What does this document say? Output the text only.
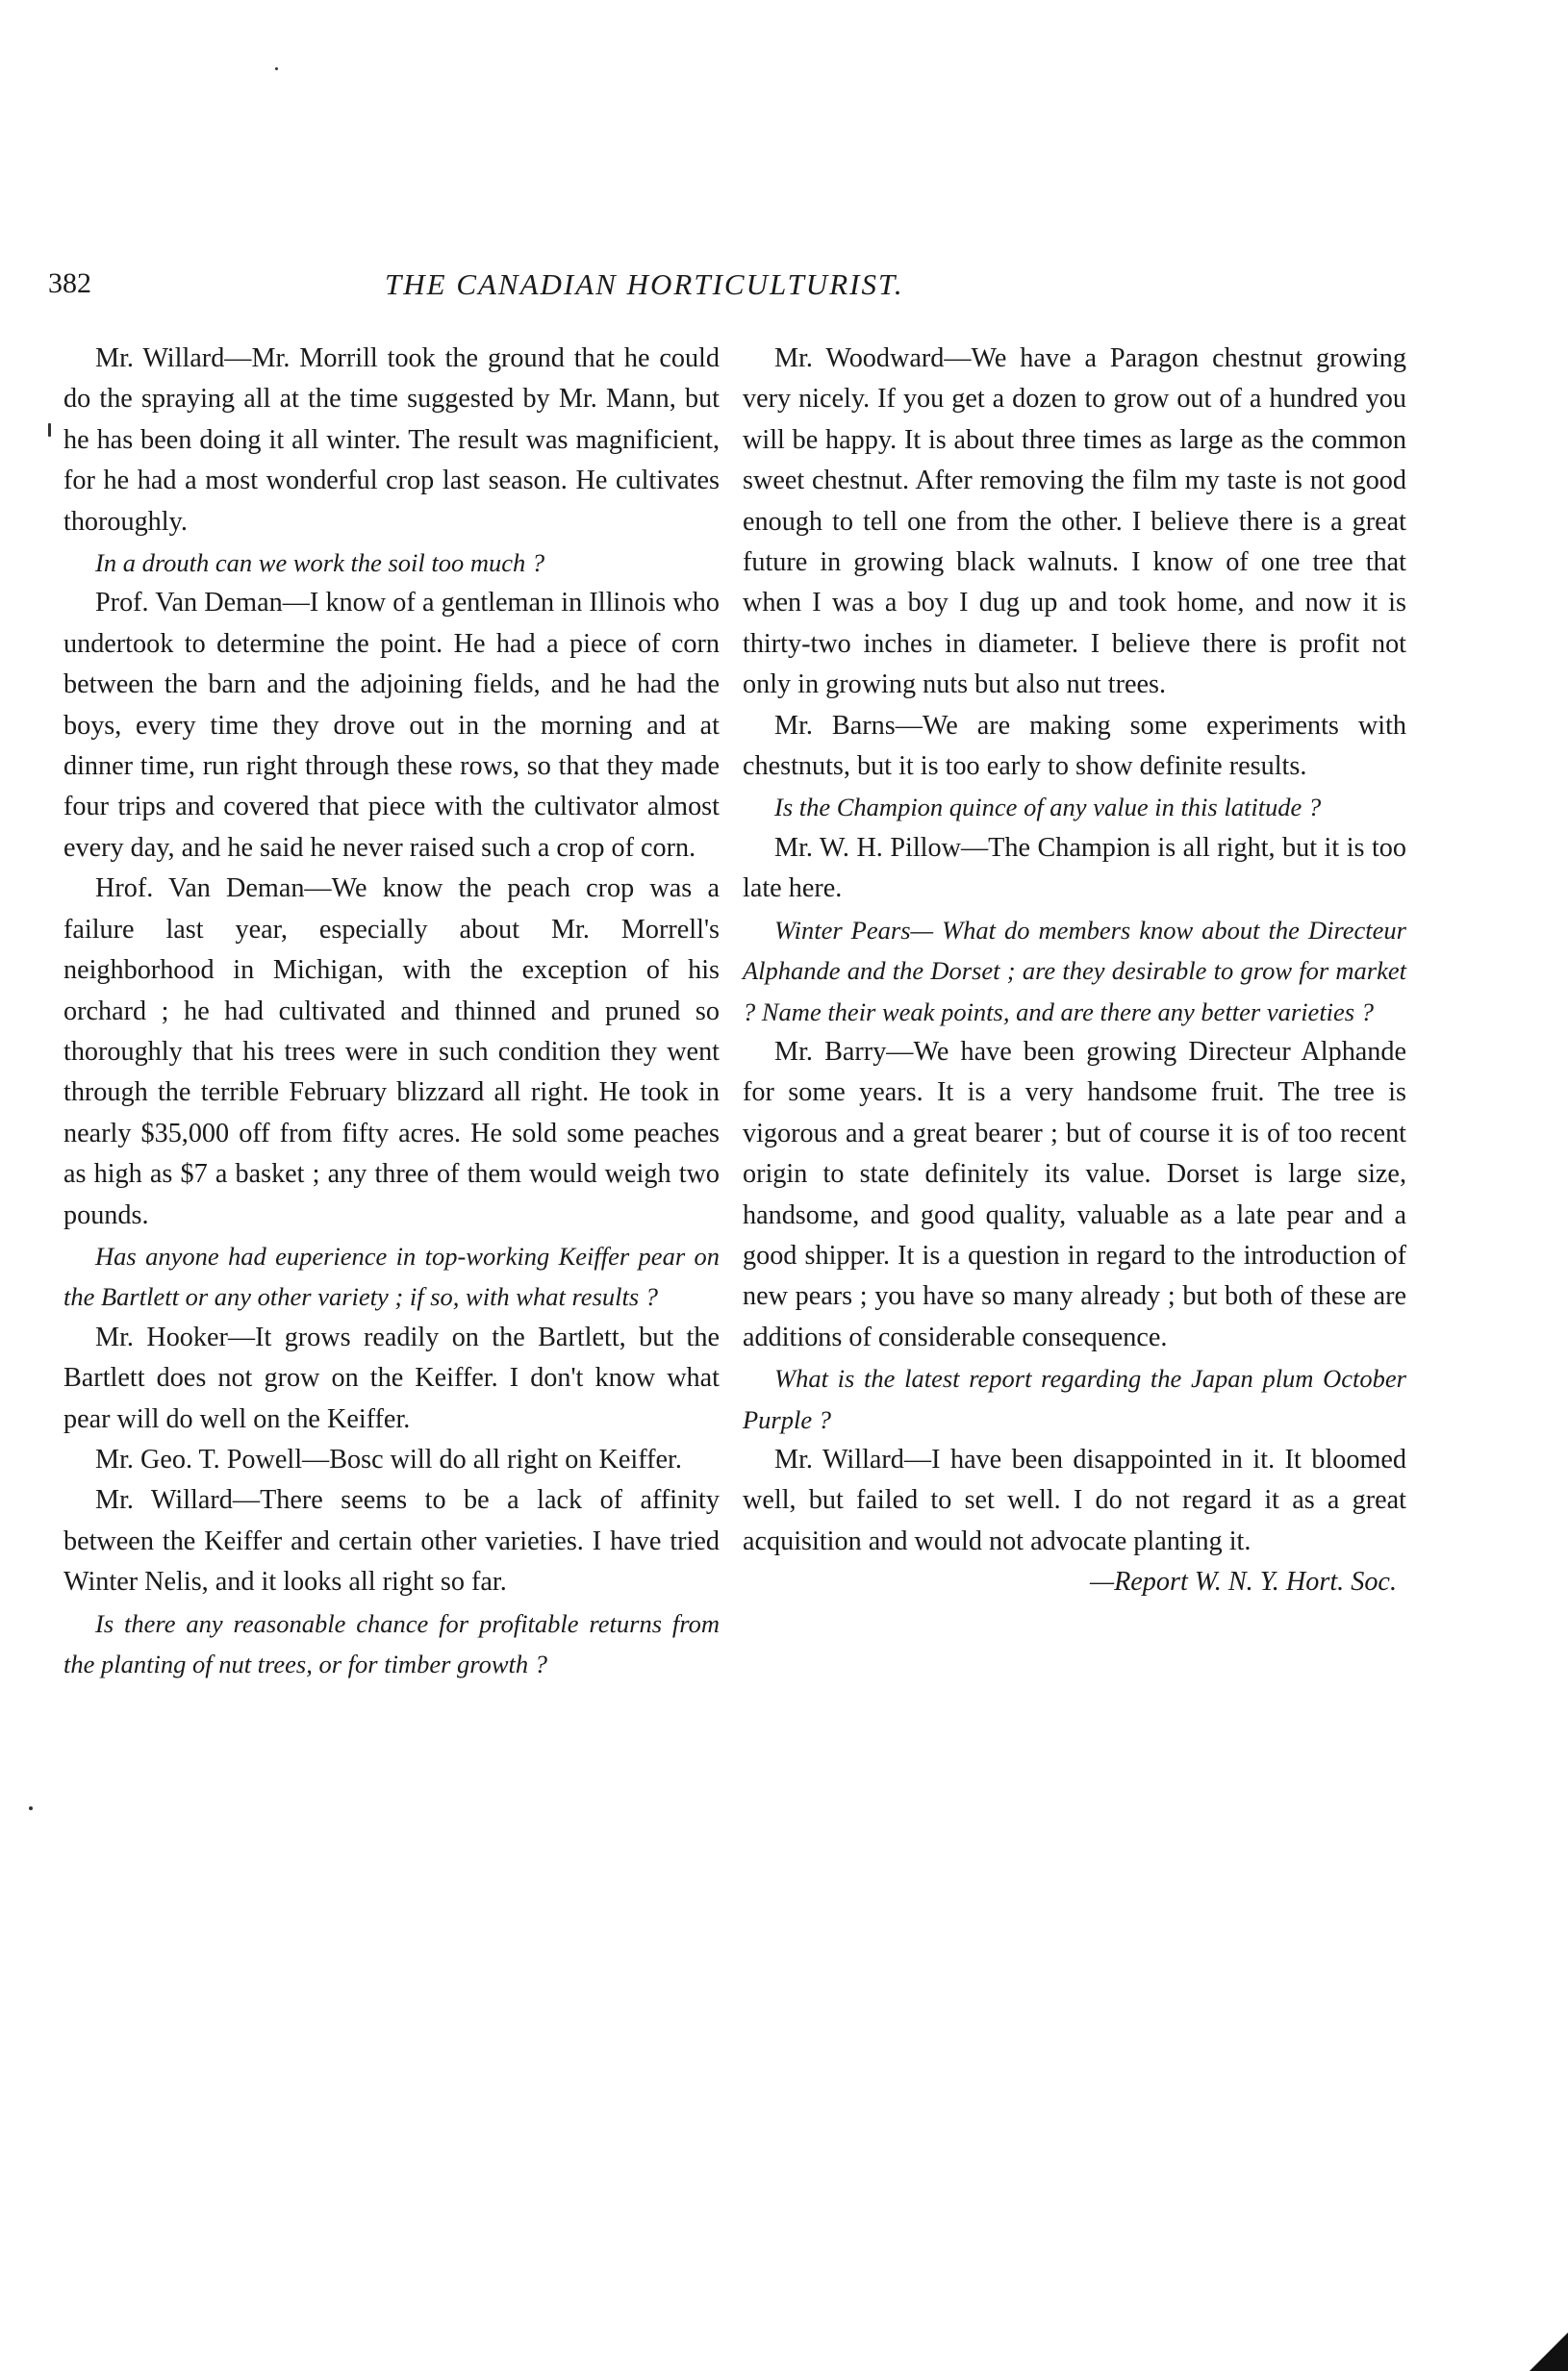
382	THE CANADIAN HORTICULTURIST.

Mr. Willard—Mr. Morrill took the ground that he could do the spraying all at the time suggested by Mr. Mann, but he has been doing it all winter. The result was magnificient, for he had a most wonderful crop last season. He cultivates thoroughly.

In a drouth can we work the soil too much ?

Prof. Van Deman—I know of a gentleman in Illinois who undertook to determine the point. He had a piece of corn between the barn and the adjoining fields, and he had the boys, every time they drove out in the morning and at dinner time, run right through these rows, so that they made four trips and covered that piece with the cultivator almost every day, and he said he never raised such a crop of corn.

Hrof. Van Deman—We know the peach crop was a failure last year, especially about Mr. Morrell's neighborhood in Michigan, with the exception of his orchard ; he had cultivated and thinned and pruned so thoroughly that his trees were in such condition they went through the terrible February blizzard all right. He took in nearly $35,000 off from fifty acres. He sold some peaches as high as $7 a basket ; any three of them would weigh two pounds.

Has anyone had euperience in top-working Keiffer pear on the Bartlett or any other variety ; if so, with what results ?

Mr. Hooker—It grows readily on the Bartlett, but the Bartlett does not grow on the Keiffer. I don't know what pear will do well on the Keiffer.

Mr. Geo. T. Powell—Bosc will do all right on Keiffer.

Mr. Willard—There seems to be a lack of affinity between the Keiffer and certain other varieties. I have tried Winter Nelis, and it looks all right so far.

Is there any reasonable chance for profitable returns from the planting of nut trees, or for timber growth ?

Mr. Woodward—We have a Paragon chestnut growing very nicely. If you get a dozen to grow out of a hundred you will be happy. It is about three times as large as the common sweet chestnut. After removing the film my taste is not good enough to tell one from the other. I believe there is a great future in growing black walnuts. I know of one tree that when I was a boy I dug up and took home, and now it is thirty-two inches in diameter. I believe there is profit not only in growing nuts but also nut trees.

Mr. Barns—We are making some experiments with chestnuts, but it is too early to show definite results.

Is the Champion quince of any value in this latitude ?

Mr. W. H. Pillow—The Champion is all right, but it is too late here.

Winter Pears— What do members know about the Directeur Alphande and the Dorset ; are they desirable to grow for market ? Name their weak points, and are there any better varieties ?

Mr. Barry—We have been growing Directeur Alphande for some years. It is a very handsome fruit. The tree is vigorous and a great bearer ; but of course it is of too recent origin to state definitely its value. Dorset is large size, handsome, and good quality, valuable as a late pear and a good shipper. It is a question in regard to the introduction of new pears ; you have so many already ; but both of these are additions of considerable consequence.

What is the latest report regarding the Japan plum October Purple ?

Mr. Willard—I have been disappointed in it. It bloomed well, but failed to set well. I do not regard it as a great acquisition and would not advocate planting it.

—Report W. N. Y. Hort. Soc.
